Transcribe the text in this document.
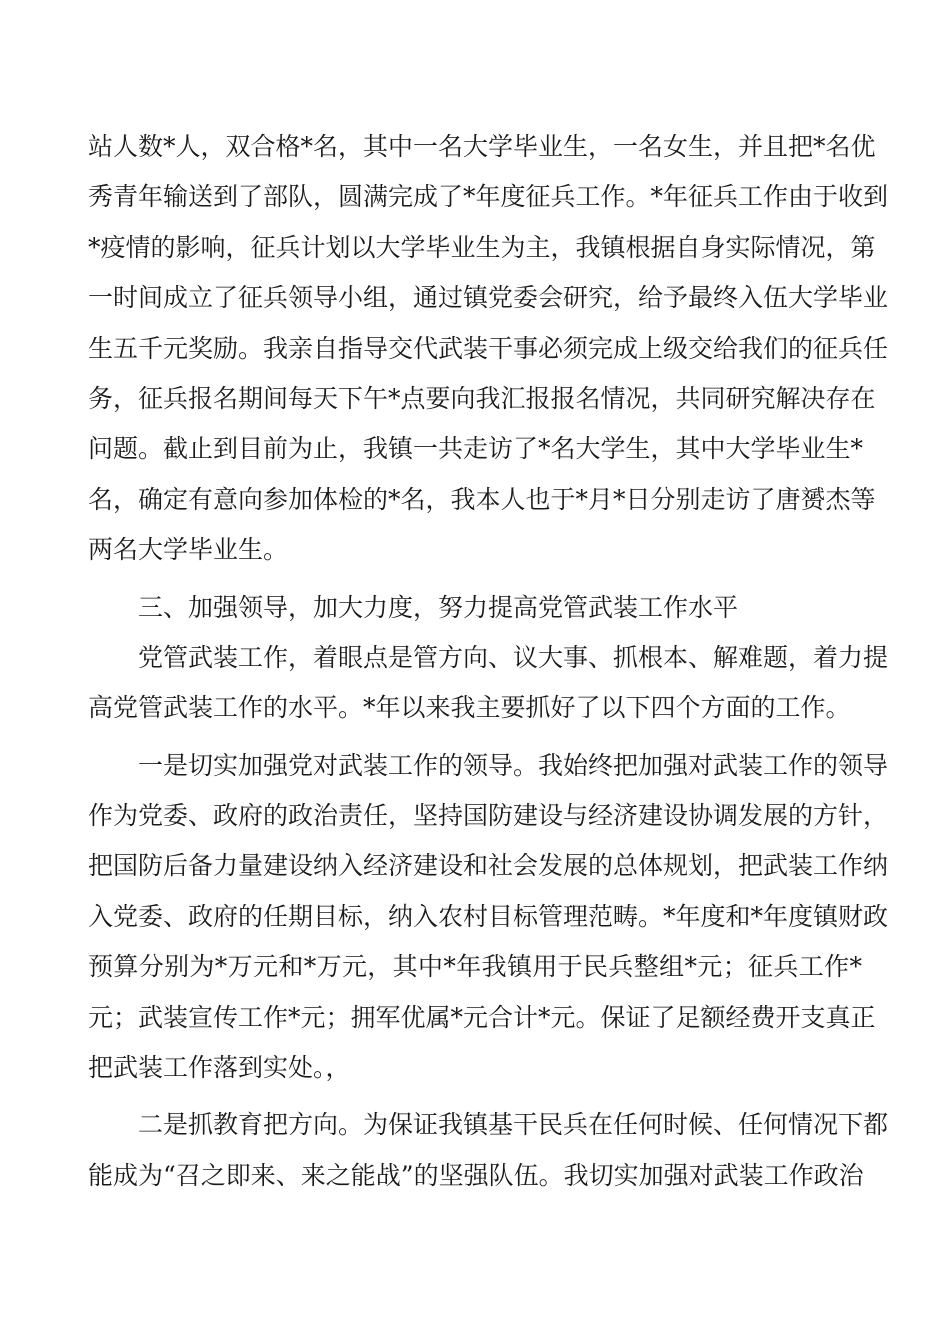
站人数*人，双合格*名，其中一名大学毕业生，一名女生，并且把*名优
秀青年输送到了部队，圆满完成了*年度征兵工作。*年征兵工作由于收到
*疫情的影响，征兵计划以大学毕业生为主，我镇根据自身实际情况，第
一时间成立了征兵领导小组，通过镇党委会研究，给予最终入伍大学毕业
生五千元奖励。我亲自指导交代武装干事必须完成上级交给我们的征兵任
务，征兵报名期间每天下午*点要向我汇报报名情况，共同研究解决存在
问题。截止到目前为止，我镇一共走访了*名大学生，其中大学毕业生*
名，确定有意向参加体检的*名，我本人也于*月*日分别走访了唐赟杰等
两名大学毕业生。
三、加强领导，加大力度，努力提高党管武装工作水平
党管武装工作，着眼点是管方向、议大事、抓根本、解难题，着力提
高党管武装工作的水平。*年以来我主要抓好了以下四个方面的工作。
一是切实加强党对武装工作的领导。我始终把加强对武装工作的领导
作为党委、政府的政治责任，坚持国防建设与经济建设协调发展的方针，
把国防后备力量建设纳入经济建设和社会发展的总体规划，把武装工作纳
入党委、政府的任期目标，纳入农村目标管理范畴。*年度和*年度镇财政
预算分别为*万元和*万元，其中*年我镇用于民兵整组*元；征兵工作*
元；武装宣传工作*元；拥军优属*元合计*元。保证了足额经费开支真正
把武装工作落到实处。，
二是抓教育把方向。为保证我镇基干民兵在任何时候、任何情况下都
能成为“召之即来、来之能战”的坚强队伍。我切实加强对武装工作政治
